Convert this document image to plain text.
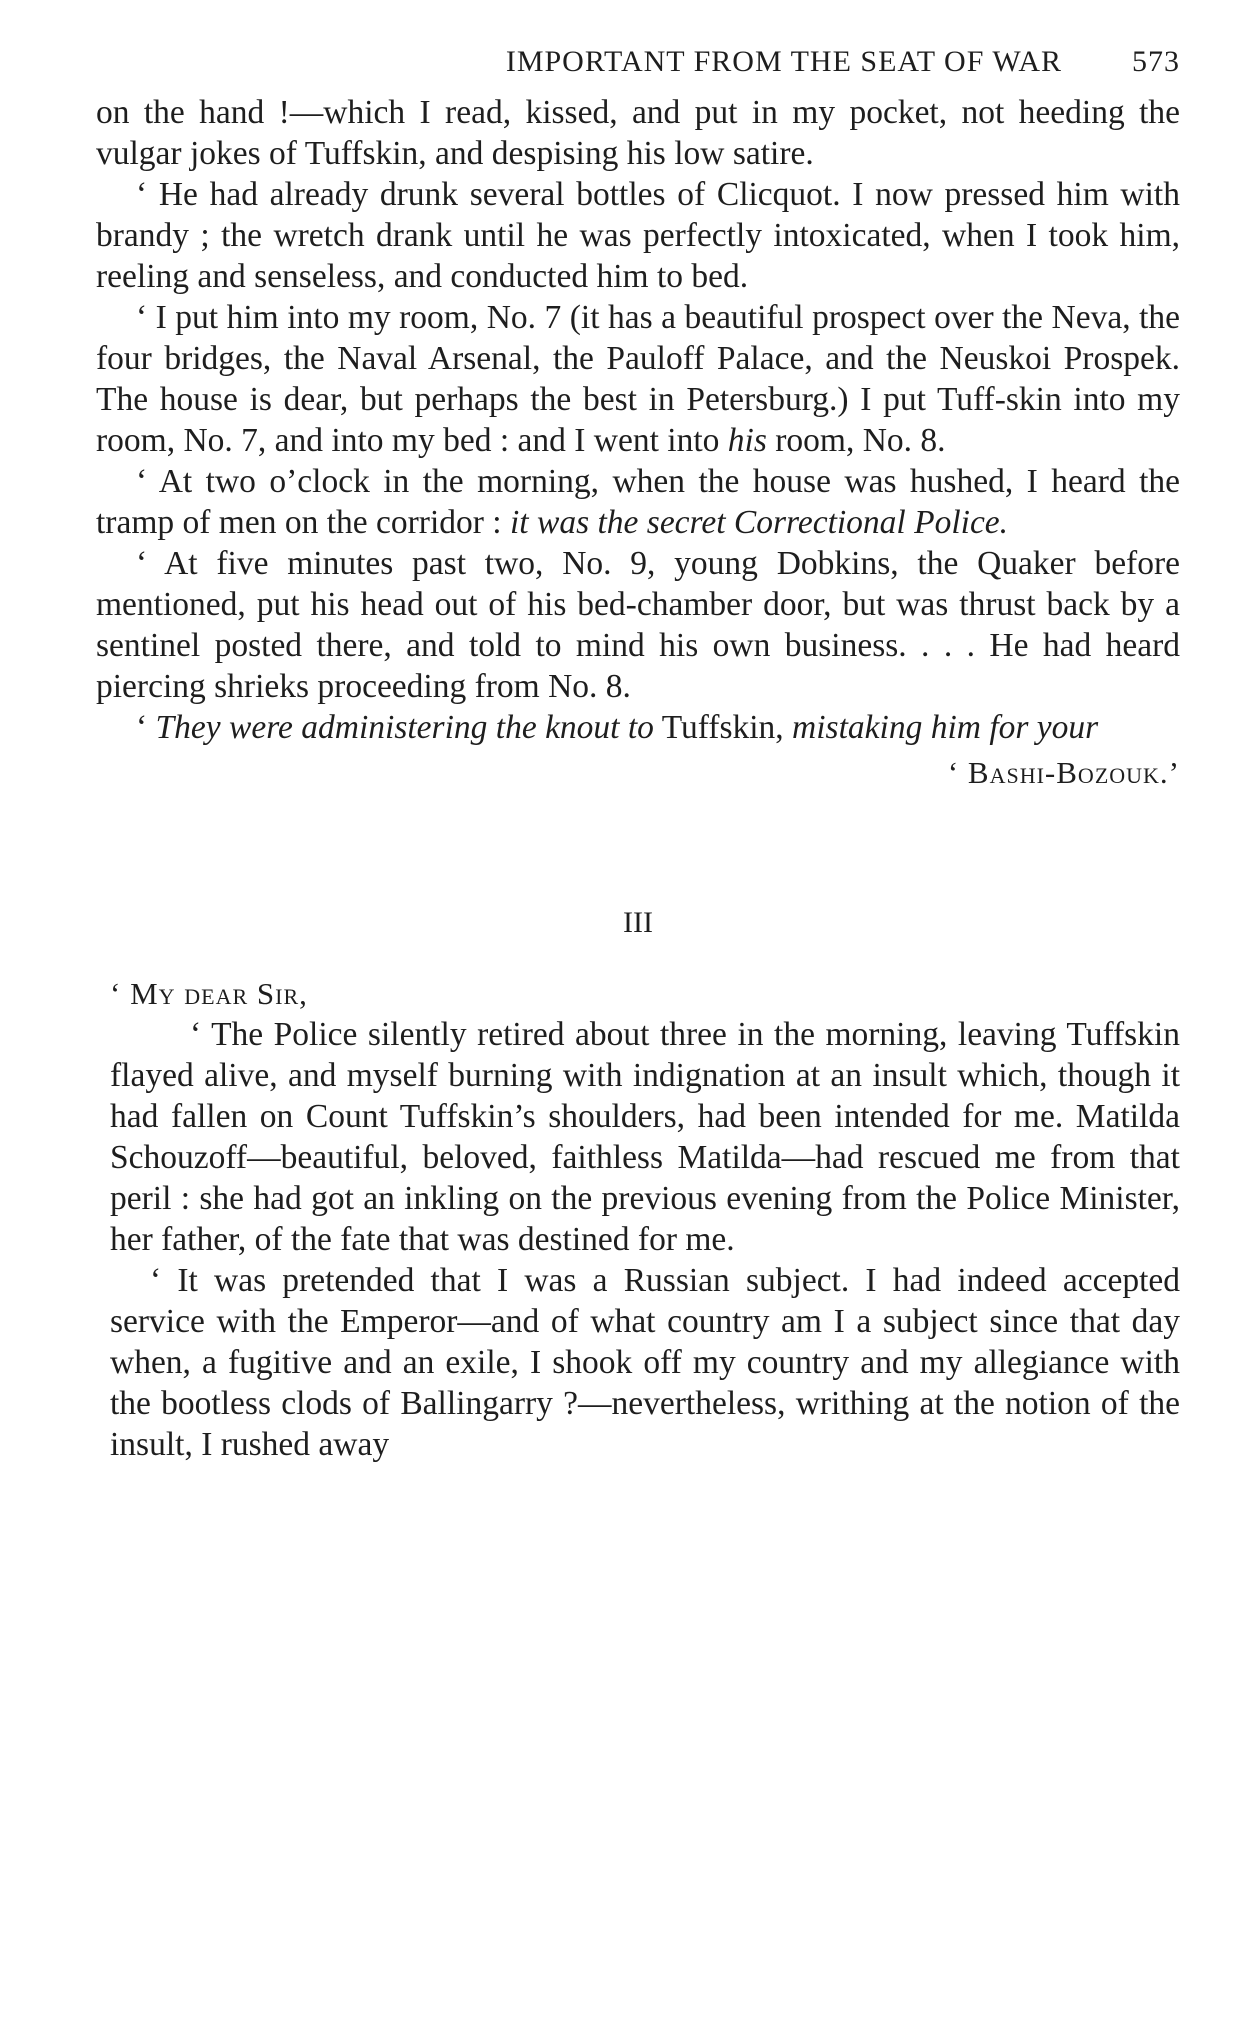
IMPORTANT FROM THE SEAT OF WAR 573

on the hand !—which I read, kissed, and put in my pocket, not heeding the vulgar jokes of Tuffskin, and despising his low satire.

‘ He had already drunk several bottles of Clicquot. I now pressed him with brandy ; the wretch drank until he was perfectly intoxicated, when I took him, reeling and senseless, and conducted him to bed.

‘ I put him into my room, No. 7 (it has a beautiful prospect over the Neva, the four bridges, the Naval Arsenal, the Pauloff Palace, and the Neuskoi Prospek. The house is dear, but perhaps the best in Petersburg.) I put Tuff-skin into my room, No. 7, and into my bed : and I went into his room, No. 8.

‘ At two o’clock in the morning, when the house was hushed, I heard the tramp of men on the corridor : it was the secret Correctional Police.

‘ At five minutes past two, No. 9, young Dobkins, the Quaker before mentioned, put his head out of his bed-chamber door, but was thrust back by a sentinel posted there, and told to mind his own business. . . . He had heard piercing shrieks proceeding from No. 8.

‘ They were administering the knout to Tuffskin, mistaking him for your

‘ Bashi-Bozouk.’
III
‘ My dear Sir,

‘ The Police silently retired about three in the morning, leaving Tuffskin flayed alive, and myself burning with indignation at an insult which, though it had fallen on Count Tuffskin’s shoulders, had been intended for me. Matilda Schouzoff—beautiful, beloved, faithless Matilda—had rescued me from that peril : she had got an inkling on the previous evening from the Police Minister, her father, of the fate that was destined for me.

‘ It was pretended that I was a Russian subject. I had indeed accepted service with the Emperor—and of what country am I a subject since that day when, a fugitive and an exile, I shook off my country and my allegiance with the bootless clods of Ballingarry ?—nevertheless, writhing at the notion of the insult, I rushed away
